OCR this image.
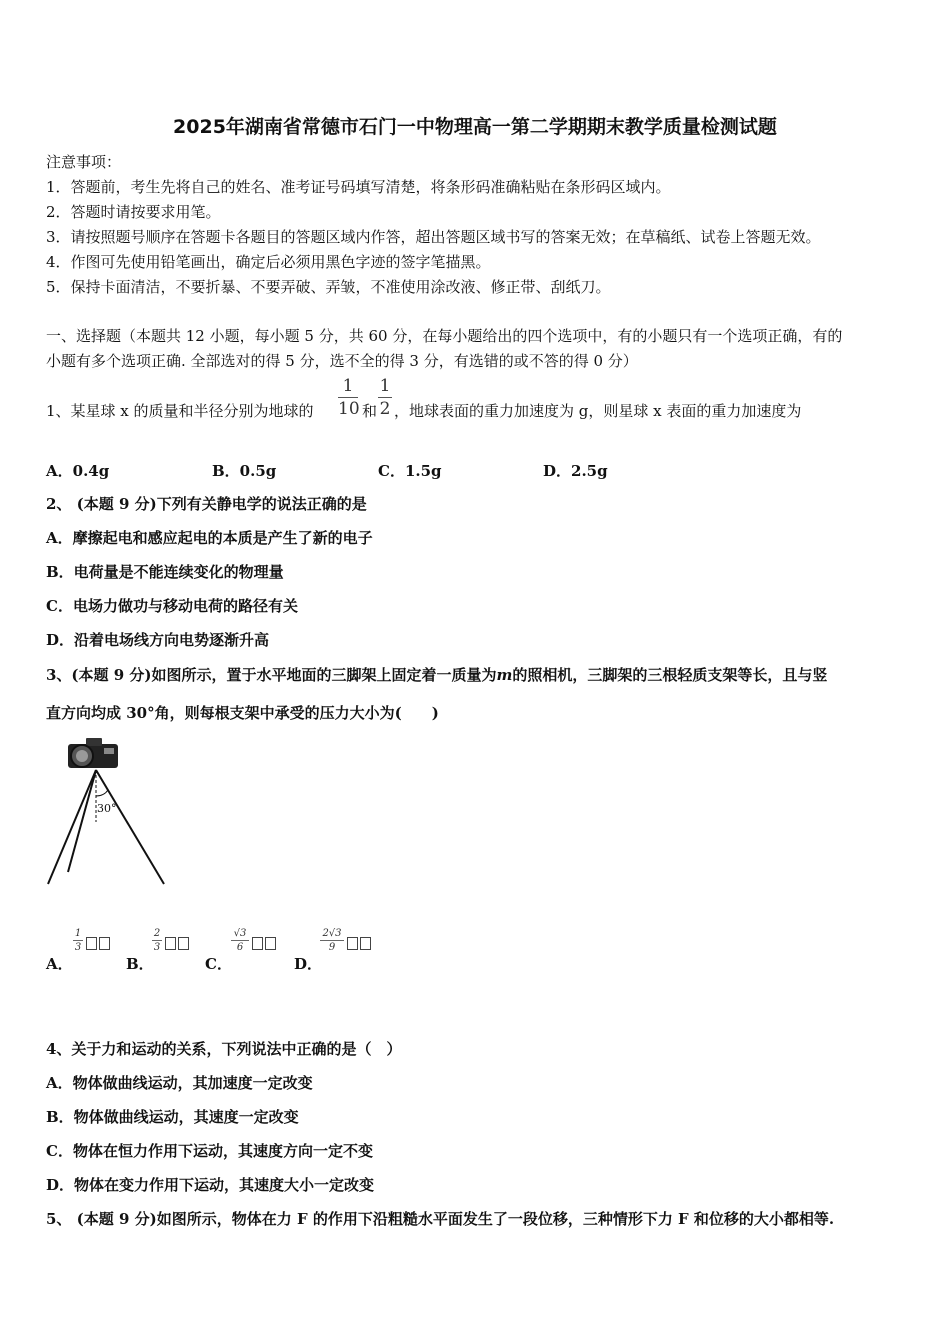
2025年湖南省常德市石门一中物理高一第二学期期末教学质量检测试题
注意事项：
1．答题前，考生先将自己的姓名、准考证号码填写清楚，将条形码准确粘贴在条形码区域内。
2．答题时请按要求用笔。
3．请按照题号顺序在答题卡各题目的答题区域内作答，超出答题区域书写的答案无效；在草稿纸、试卷上答题无效。
4．作图可先使用铅笔画出，确定后必须用黑色字迹的签字笔描黑。
5．保持卡面清洁，不要折暴、不要弄破、弄皱，不准使用涂改液、修正带、刮纸刀。
一、选择题（本题共 12 小题，每小题 5 分，共 60 分，在每小题给出的四个选项中，有的小题只有一个选项正确，有的
小题有多个选项正确. 全部选对的得 5 分，选不全的得 3 分，有选错的或不答的得 0 分）
1、某星球 x 的质量和半径分别为地球的
1
10 和
1
2 ，地球表面的重力加速度为 g，则星球 x 表面的重力加速度为
A．0.4g	B．0.5g	C．1.5g	D．2.5g
2、 (本题 9 分)下列有关静电学的说法正确的是
A．摩擦起电和感应起电的本质是产生了新的电子
B．电荷量是不能连续变化的物理量
C．电场力做功与移动电荷的路径有关
D．沿着电场线方向电势逐渐升高
3、(本题 9 分)如图所示，置于水平地面的三脚架上固定着一质量为m的照相机，三脚架的三根轻质支架等长，且与竖
直方向均成 30°角，则每根支架中承受的压力大小为(　　)
30°
A．
1
3
B．
2
3
C．
√3
6
D．
2√3
9
4、关于力和运动的关系，下列说法中正确的是（　）
A．物体做曲线运动，其加速度一定改变
B．物体做曲线运动，其速度一定改变
C．物体在恒力作用下运动，其速度方向一定不变
D．物体在变力作用下运动，其速度大小一定改变
5、 (本题 9 分)如图所示，物体在力 F 的作用下沿粗糙水平面发生了一段位移，三种情形下力 F 和位移的大小都相等.
